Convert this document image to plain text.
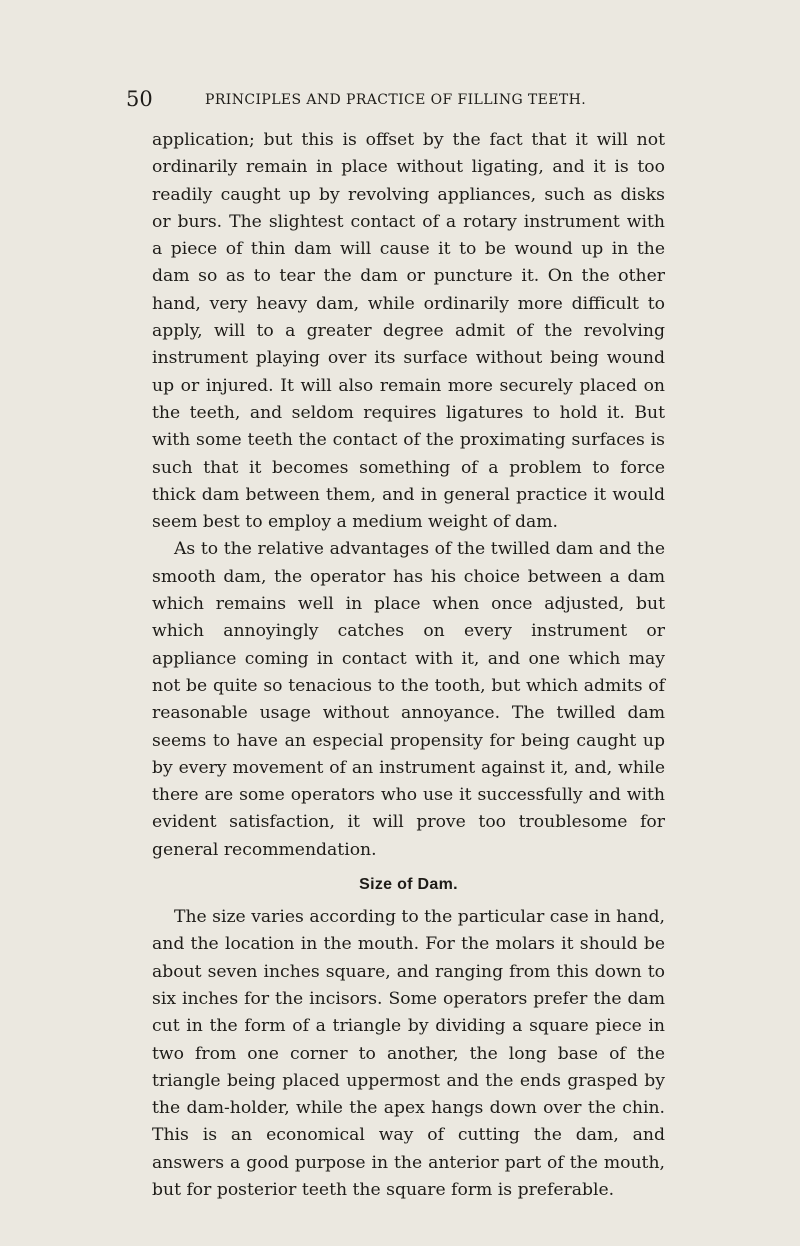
50	PRINCIPLES AND PRACTICE OF FILLING TEETH.

application; but this is offset by the fact that it will not ordinarily remain in place without ligating, and it is too readily caught up by revolving appliances, such as disks or burs. The slightest contact of a rotary instrument with a piece of thin dam will cause it to be wound up in the dam so as to tear the dam or puncture it. On the other hand, very heavy dam, while ordinarily more difficult to apply, will to a greater degree admit of the revolving instrument playing over its surface without being wound up or injured. It will also remain more securely placed on the teeth, and seldom requires ligatures to hold it. But with some teeth the contact of the proximating surfaces is such that it becomes something of a problem to force thick dam between them, and in general practice it would seem best to employ a medium weight of dam.

As to the relative advantages of the twilled dam and the smooth dam, the operator has his choice between a dam which remains well in place when once adjusted, but which annoyingly catches on every instrument or appliance coming in contact with it, and one which may not be quite so tenacious to the tooth, but which admits of reasonable usage without annoyance. The twilled dam seems to have an especial propensity for being caught up by every movement of an instrument against it, and, while there are some operators who use it successfully and with evident satisfaction, it will prove too troublesome for general recommendation.

Size of Dam.

The size varies according to the particular case in hand, and the location in the mouth. For the molars it should be about seven inches square, and ranging from this down to six inches for the incisors. Some operators prefer the dam cut in the form of a triangle by dividing a square piece in two from one corner to another, the long base of the triangle being placed uppermost and the ends grasped by the dam-holder, while the apex hangs down over the chin. This is an economical way of cutting the dam, and answers a good purpose in the anterior part of the mouth, but for posterior teeth the square form is preferable.
